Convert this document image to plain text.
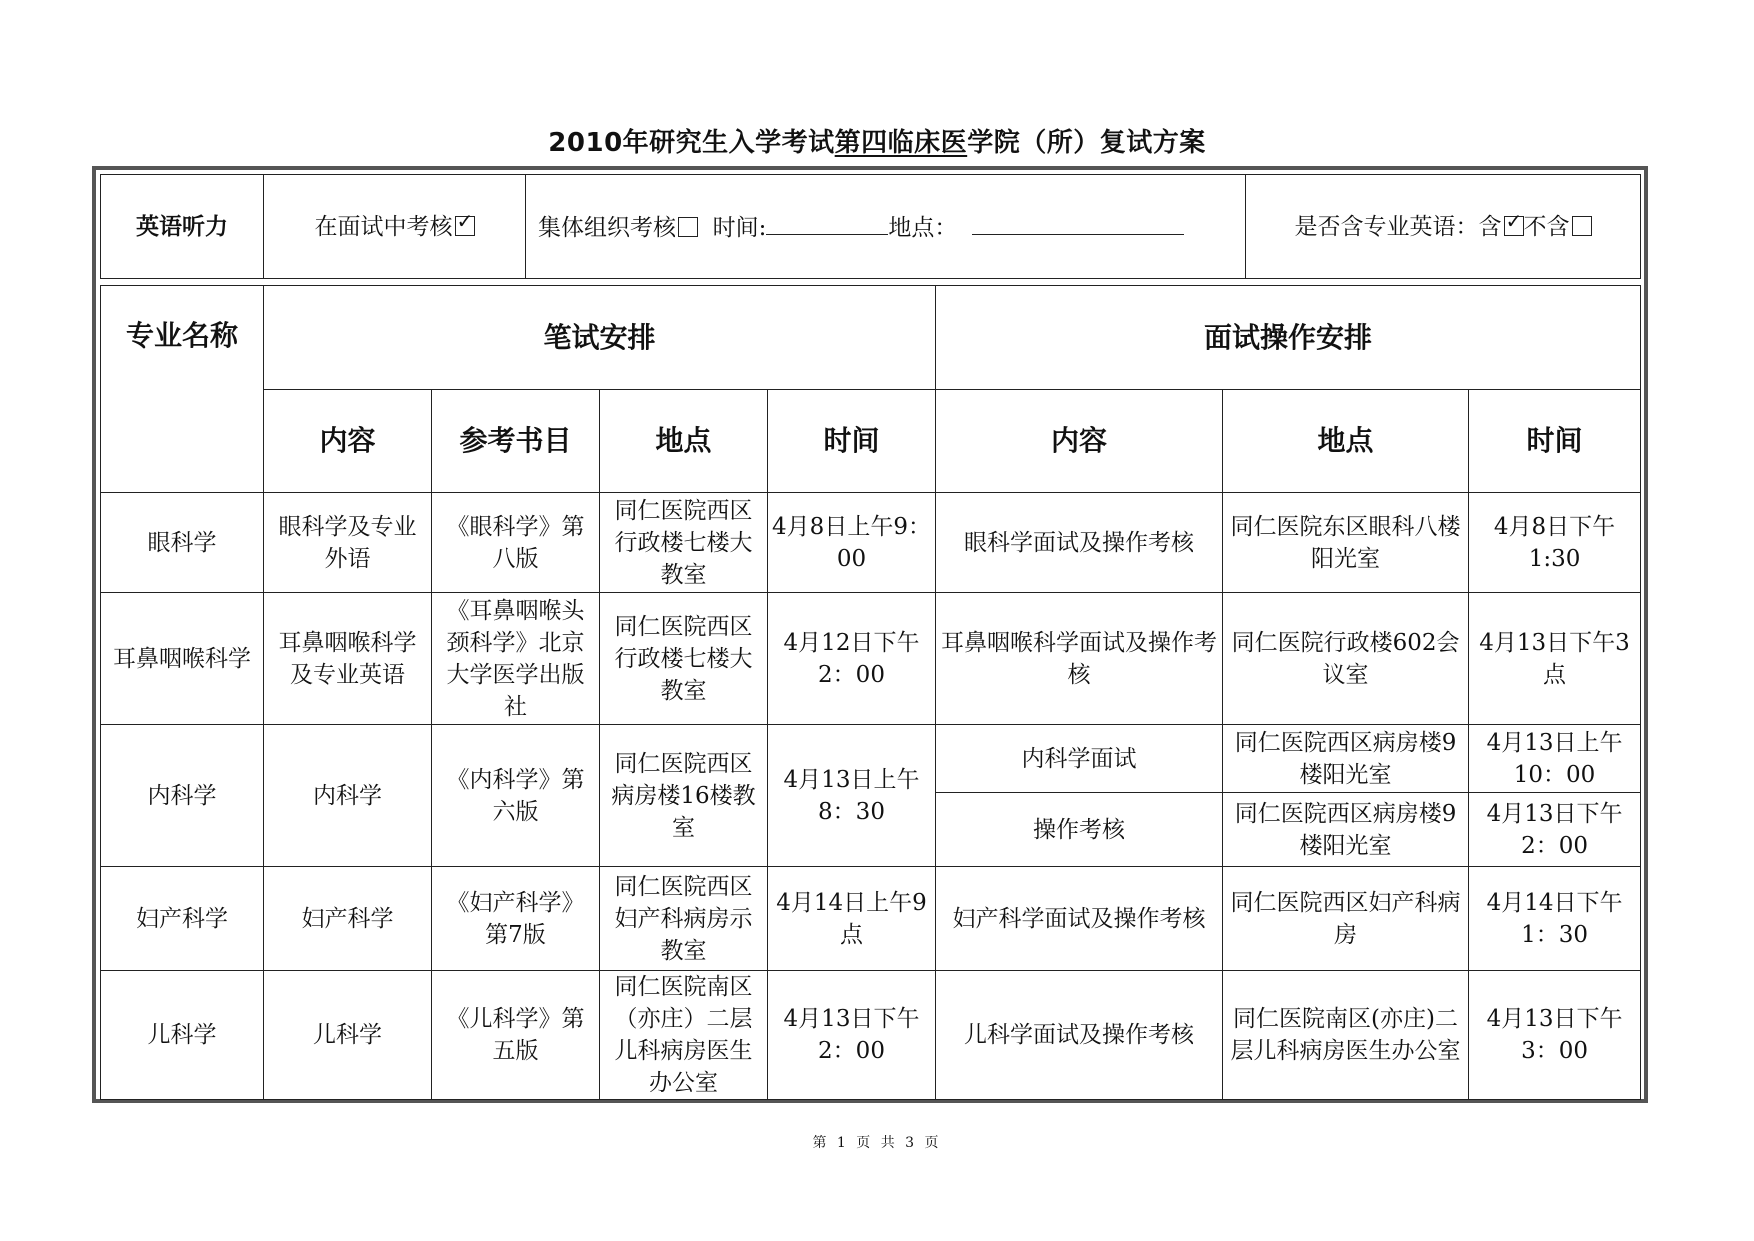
2010年研究生入学考试第四临床医学院（所）复试方案
英语听力	在面试中考核✓	集体组织考核 时间:	地点：	是否含专业英语：含 ✓ 不含
专业名称	笔试安排				面试操作安排		
	内容	参考书目	地点	时间	内容	地点	时间
眼科学	眼科学及专业外语	《眼科学》第八版	同仁医院西区行政楼七楼大教室	4月8日上午9：00	眼科学面试及操作考核	同仁医院东区眼科八楼阳光室	4月8日下午1:30
耳鼻咽喉科学	耳鼻咽喉科学及专业英语	《耳鼻咽喉头颈科学》北京大学医学出版社	同仁医院西区行政楼七楼大教室	4月12日下午2：00	耳鼻咽喉科学面试及操作考核	同仁医院行政楼602会议室	4月13日下午3点
内科学	内科学	《内科学》第六版	同仁医院西区病房楼16楼教室	4月13日上午8：30	内科学面试	同仁医院西区病房楼9楼阳光室	4月13日上午10：00
					操作考核	同仁医院西区病房楼9楼阳光室	4月13日下午2：00
妇产科学	妇产科学	《妇产科学》第7版	同仁医院西区妇产科病房示教室	4月14日上午9点	妇产科学面试及操作考核	同仁医院西区妇产科病房	4月14日下午1：30
儿科学	儿科学	《儿科学》第五版	同仁医院南区（亦庄）二层儿科病房医生办公室	4月13日下午2：00	儿科学面试及操作考核	同仁医院南区(亦庄)二层儿科病房医生办公室	4月13日下午3：00
第 1 页 共 3 页
